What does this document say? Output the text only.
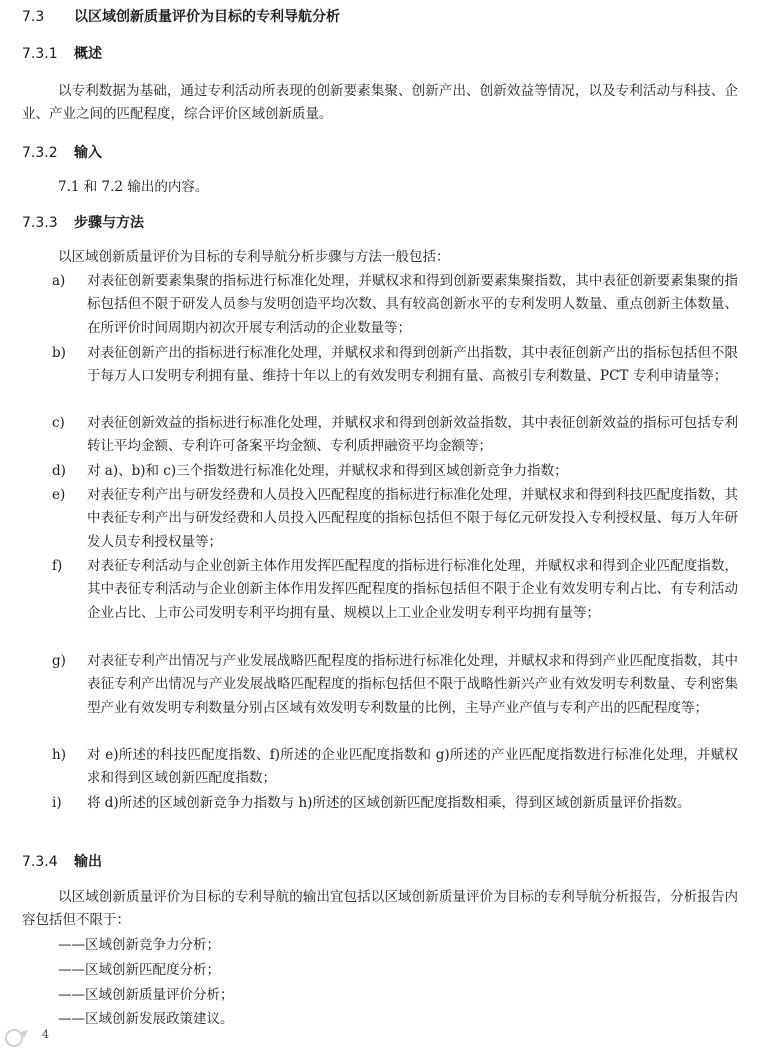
7.3 以区域创新质量评价为目标的专利导航分析
7.3.1 概述
以专利数据为基础，通过专利活动所表现的创新要素集聚、创新产出、创新效益等情况，以及专利活动与科技、企业、产业之间的匹配程度，综合评价区域创新质量。
7.3.2 输入
7.1 和 7.2 输出的内容。
7.3.3 步骤与方法
以区域创新质量评价为目标的专利导航分析步骤与方法一般包括：
a)	对表征创新要素集聚的指标进行标准化处理，并赋权求和得到创新要素集聚指数，其中表征创新要素集聚的指标包括但不限于研发人员参与发明创造平均次数、具有较高创新水平的专利发明人数量、重点创新主体数量、在所评价时间周期内初次开展专利活动的企业数量等；
b)	对表征创新产出的指标进行标准化处理，并赋权求和得到创新产出指数，其中表征创新产出的指标包括但不限于每万人口发明专利拥有量、维持十年以上的有效发明专利拥有量、高被引专利数量、PCT 专利申请量等；
c)	对表征创新效益的指标进行标准化处理，并赋权求和得到创新效益指数，其中表征创新效益的指标可包括专利转让平均金额、专利许可备案平均金额、专利质押融资平均金额等；
d)	对 a)、b)和 c)三个指数进行标准化处理，并赋权求和得到区域创新竞争力指数；
e)	对表征专利产出与研发经费和人员投入匹配程度的指标进行标准化处理，并赋权求和得到科技匹配度指数，其中表征专利产出与研发经费和人员投入匹配程度的指标包括但不限于每亿元研发投入专利授权量、每万人年研发人员专利授权量等；
f)	对表征专利活动与企业创新主体作用发挥匹配程度的指标进行标准化处理，并赋权求和得到企业匹配度指数，其中表征专利活动与企业创新主体作用发挥匹配程度的指标包括但不限于企业有效发明专利占比、有专利活动企业占比、上市公司发明专利平均拥有量、规模以上工业企业发明专利平均拥有量等；
g)	对表征专利产出情况与产业发展战略匹配程度的指标进行标准化处理，并赋权求和得到产业匹配度指数，其中表征专利产出情况与产业发展战略匹配程度的指标包括但不限于战略性新兴产业有效发明专利数量、专利密集型产业有效发明专利数量分别占区域有效发明专利数量的比例，主导产业产值与专利产出的匹配程度等；
h)	对 e)所述的科技匹配度指数、f)所述的企业匹配度指数和 g)所述的产业匹配度指数进行标准化处理，并赋权求和得到区域创新匹配度指数；
i)	将 d)所述的区域创新竞争力指数与 h)所述的区域创新匹配度指数相乘，得到区域创新质量评价指数。
7.3.4 输出
以区域创新质量评价为目标的专利导航的输出宜包括以区域创新质量评价为目标的专利导航分析报告，分析报告内容包括但不限于：
——区域创新竞争力分析；
——区域创新匹配度分析；
——区域创新质量评价分析；
——区域创新发展政策建议。
4
